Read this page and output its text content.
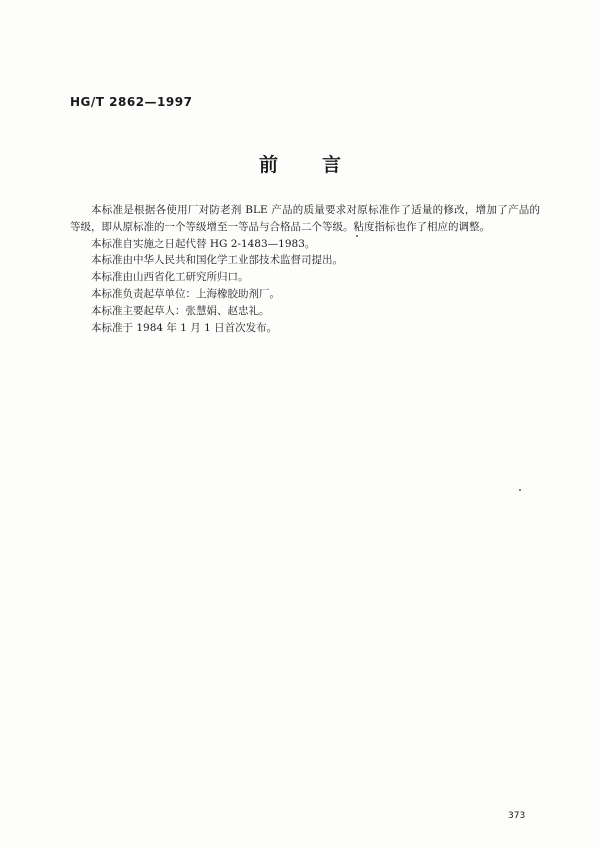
HG/T 2862—1997
前言

本标准是根据各使用厂对防老剂 BLE 产品的质量要求对原标准作了适量的修改，增加了产品的等级，即从原标准的一个等级增至一等品与合格品二个等级。粘度指标也作了相应的调整。

本标准自实施之日起代替 HG 2-1483—1983。

本标准由中华人民共和国化学工业部技术监督司提出。

本标准由山西省化工研究所归口。

本标准负责起草单位：上海橡胶助剂厂。

本标准主要起草人：张慧娟、赵忠礼。

本标准于 1984 年 1 月 1 日首次发布。

373
